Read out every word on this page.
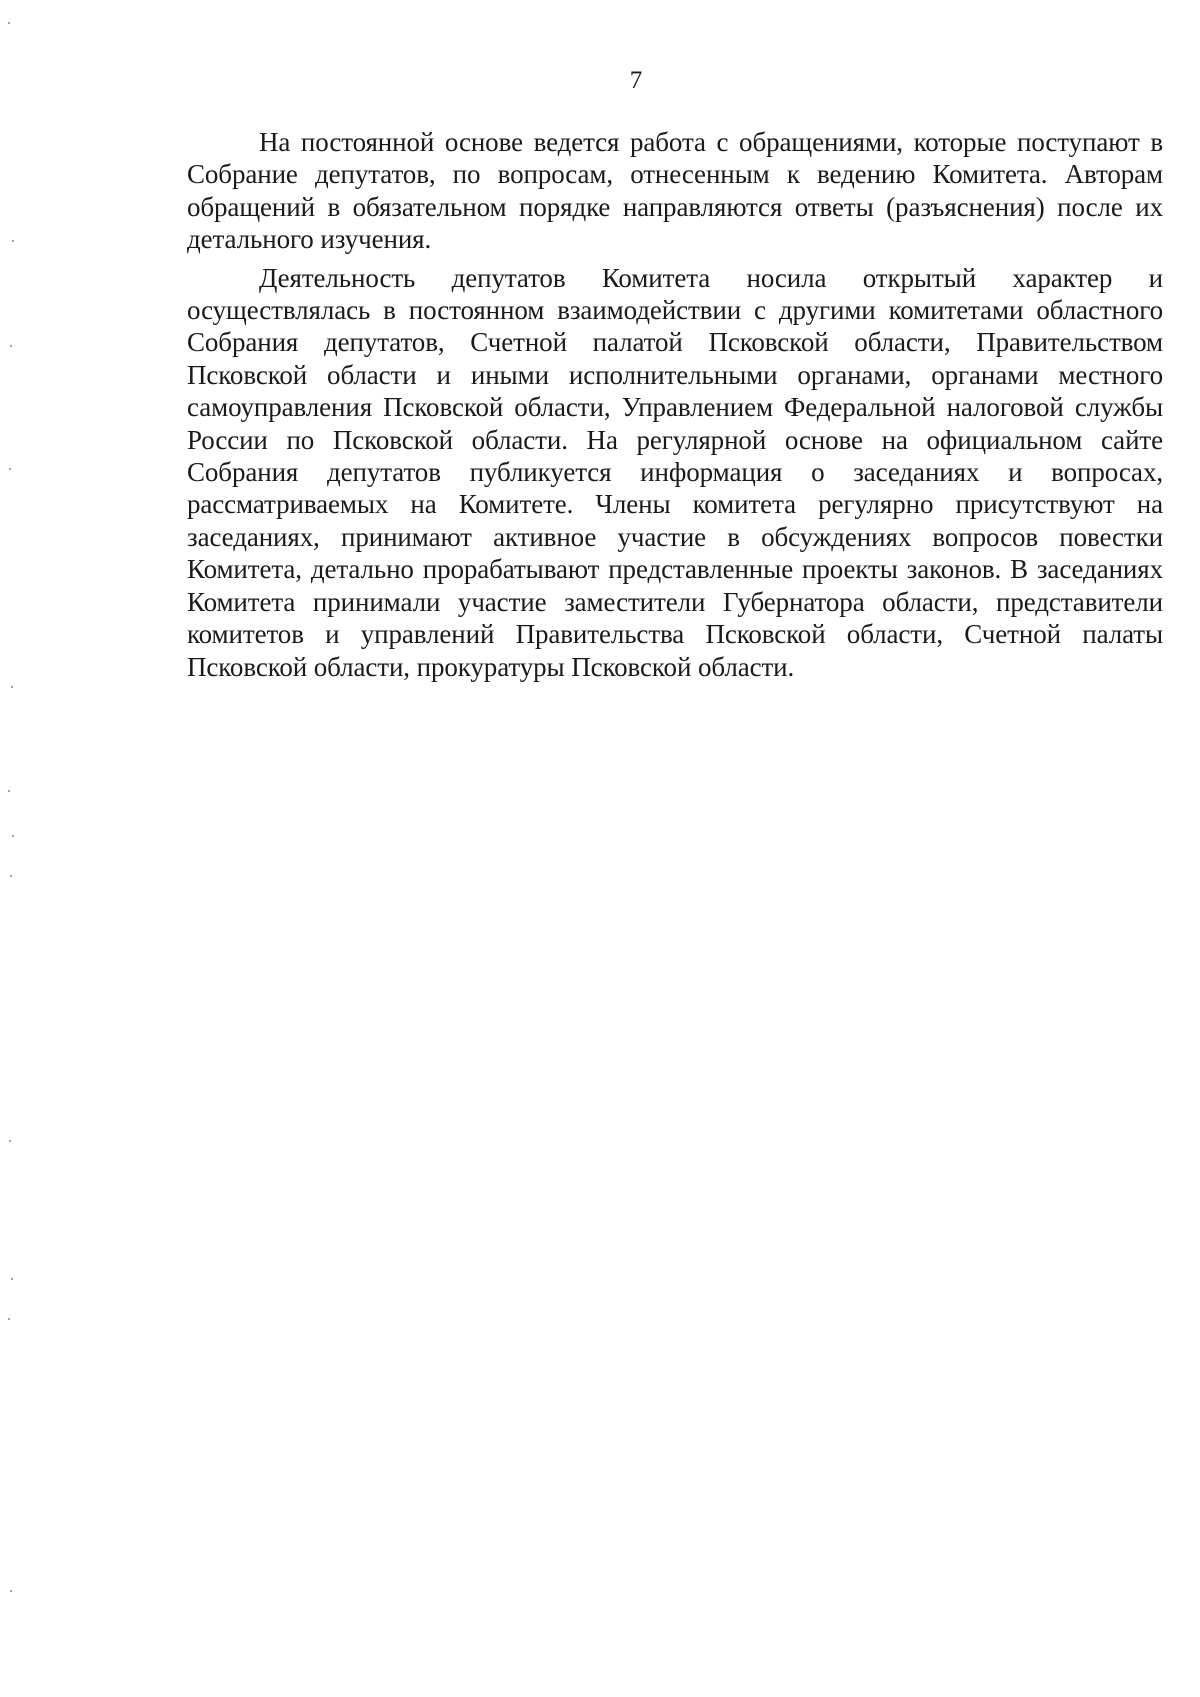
7

На постоянной основе ведется работа с обращениями, которые поступают в Собрание депутатов, по вопросам, отнесенным к ведению Комитета. Авторам обращений в обязательном порядке направляются ответы (разъяснения) после их детального изучения.

Деятельность депутатов Комитета носила открытый характер и осуществлялась в постоянном взаимодействии с другими комитетами областного Собрания депутатов, Счетной палатой Псковской области, Правительством Псковской области и иными исполнительными органами, органами местного самоуправления Псковской области, Управлением Федеральной налоговой службы России по Псковской области. На регулярной основе на официальном сайте Собрания депутатов публикуется информация о заседаниях и вопросах, рассматриваемых на Комитете. Члены комитета регулярно присутствуют на заседаниях, принимают активное участие в обсуждениях вопросов повестки Комитета, детально прорабатывают представленные проекты законов. В заседаниях Комитета принимали участие заместители Губернатора области, представители комитетов и управлений Правительства Псковской области, Счетной палаты Псковской области, прокуратуры Псковской области.
